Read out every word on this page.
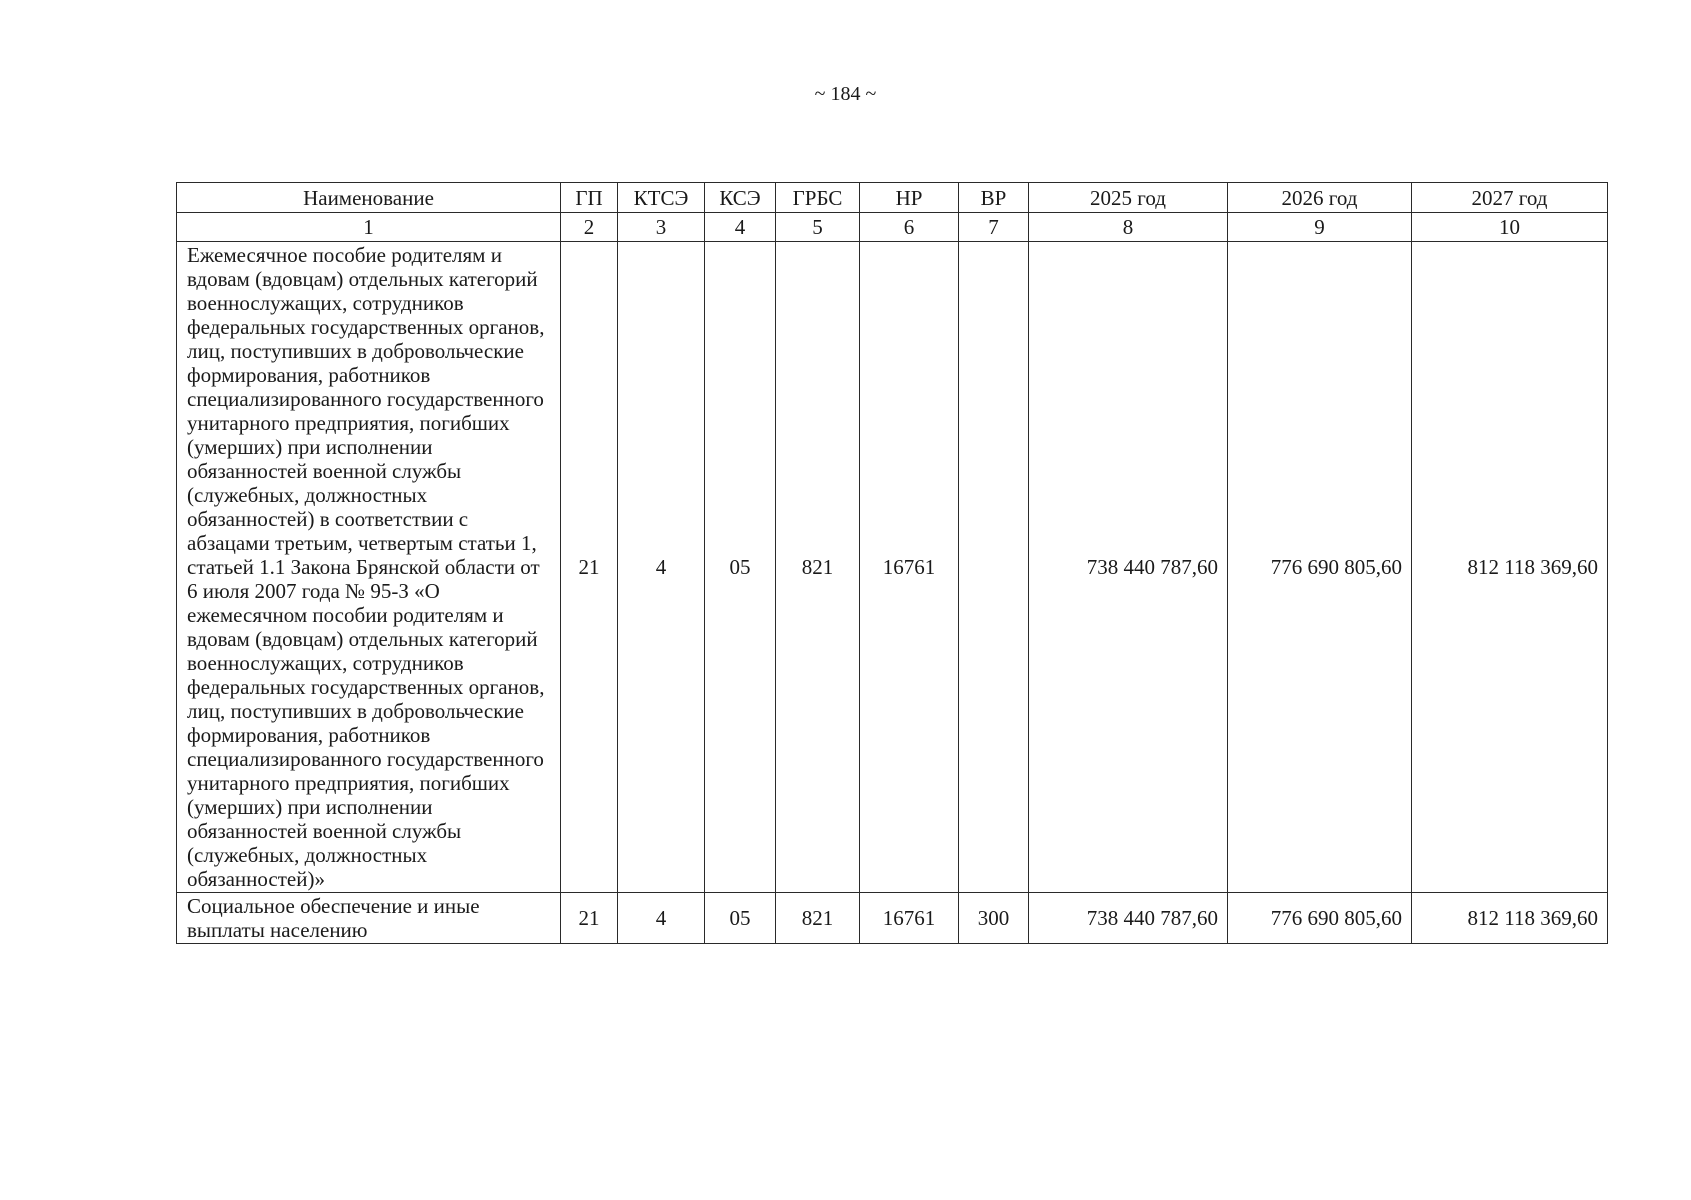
~ 184 ~
Наименование	ГП	КТСЭ	КСЭ	ГРБС	НР	ВР	2025 год	2026 год	2027 год
1	2	3	4	5	6	7	8	9	10
Ежемесячное пособие родителям и вдовам (вдовцам) отдельных категорий военнослужащих, сотрудников федеральных государственных органов, лиц, поступивших в добровольческие формирования, работников специализированного государственного унитарного предприятия, погибших (умерших) при исполнении обязанностей военной службы (служебных, должностных обязанностей) в соответствии с абзацами третьим, четвертым статьи 1, статьей 1.1 Закона Брянской области от 6 июля 2007 года № 95-З «О ежемесячном пособии родителям и вдовам (вдовцам) отдельных категорий военнослужащих, сотрудников федеральных государственных органов, лиц, поступивших в добровольческие формирования, работников специализированного государственного унитарного предприятия, погибших (умерших) при исполнении обязанностей военной службы (служебных, должностных обязанностей)»	21	4	05	821	16761		738 440 787,60	776 690 805,60	812 118 369,60
Социальное обеспечение и иные выплаты населению	21	4	05	821	16761	300	738 440 787,60	776 690 805,60	812 118 369,60
